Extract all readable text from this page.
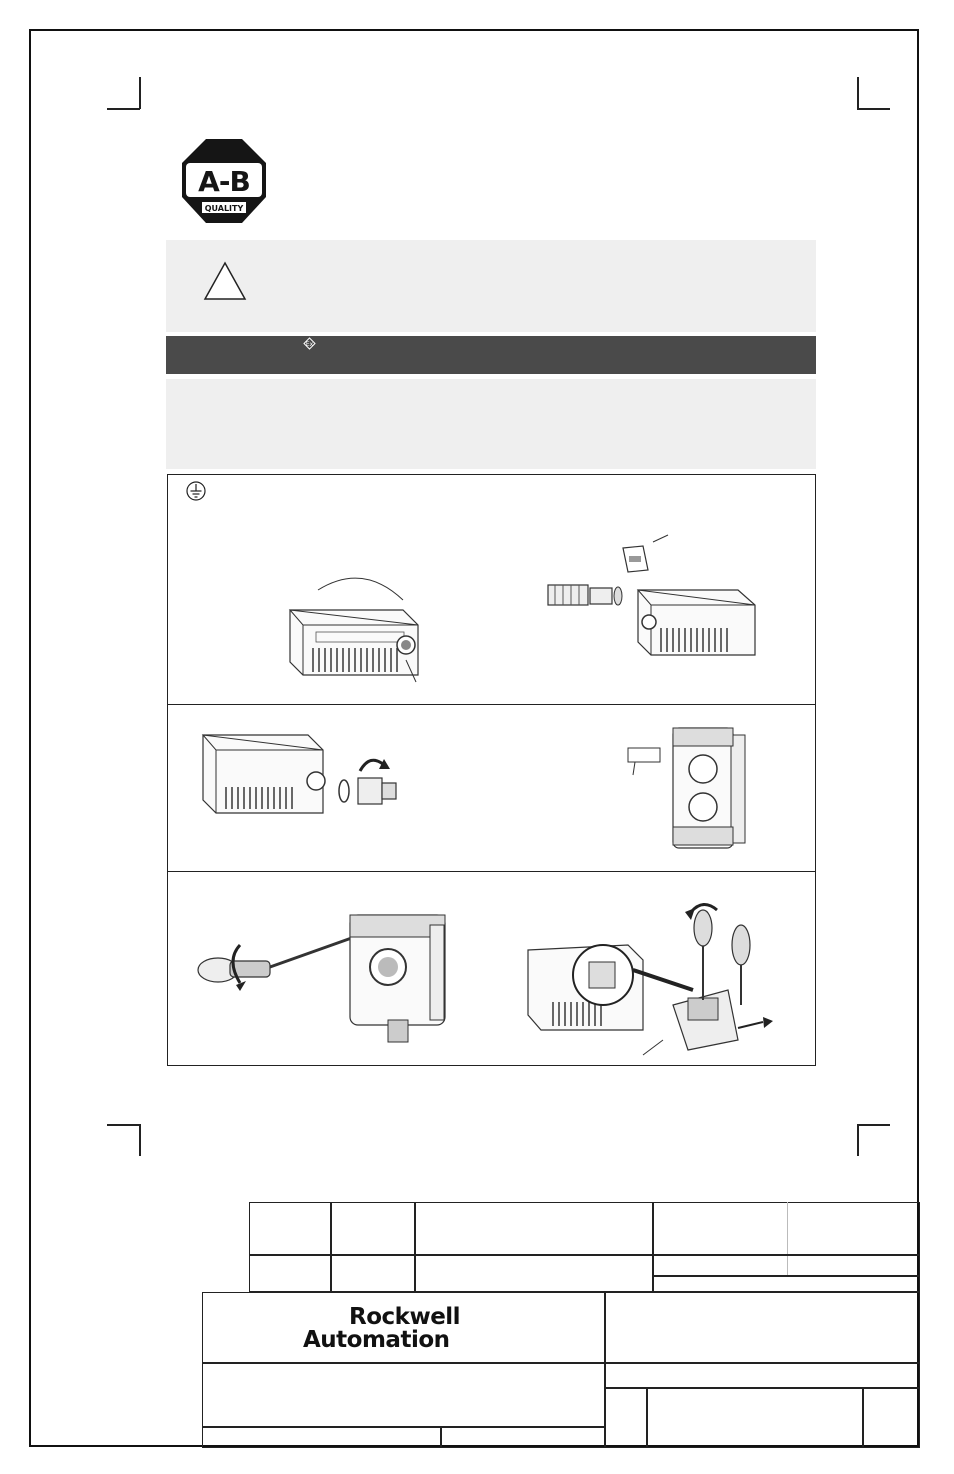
A-B
QUALITY
Ex
Rockwell
Automation
